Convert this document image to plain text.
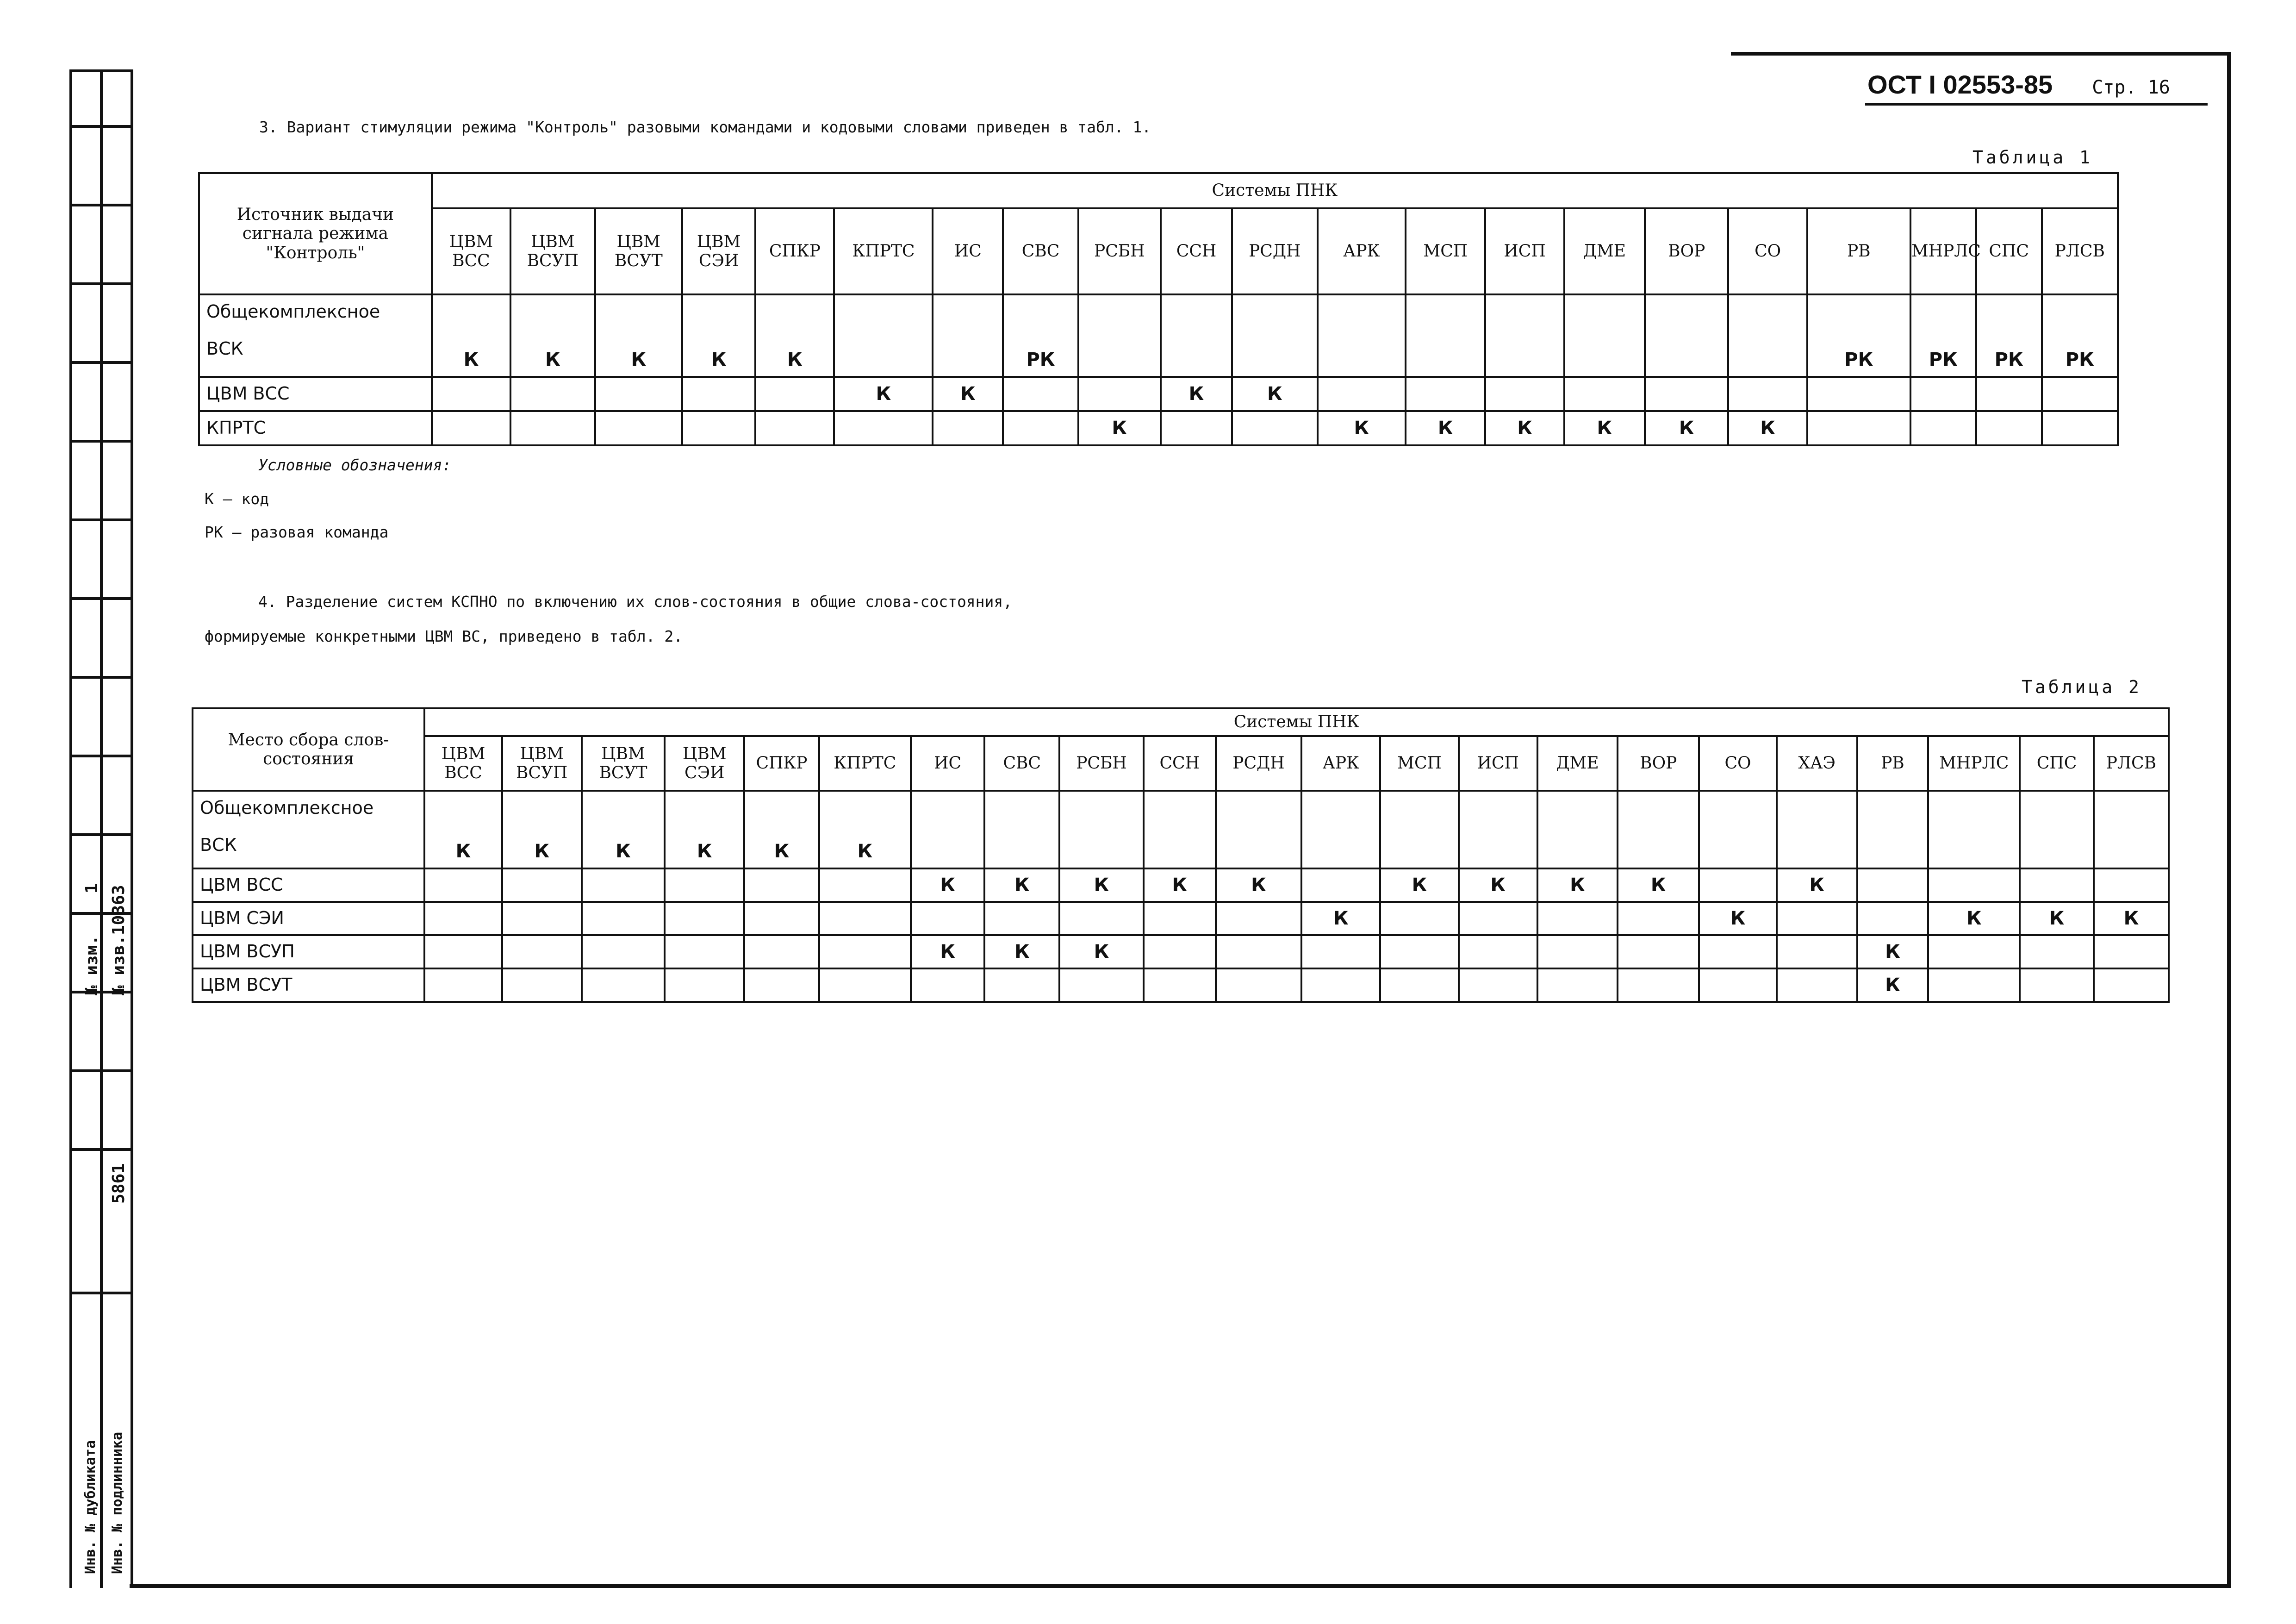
№ изм.
1
№ изв.
10363
5861
Инв. № дубликата Инв. № подлинника
ОСТ I 02553-85 Стр. 16
3. Вариант стимуляции режима "Контроль" разовыми командами и кодовыми словами приведен в табл. 1.
Таблица 1
Источник выдачи сигнала режима "Контроль"	Системы ПНК																				
	ЦВМ ВСС	ЦВМ ВСУП	ЦВМ ВСУТ	ЦВМ СЭИ	СПКР	КПРТС	ИС	СВС	РСБН	ССН	РСДН	АРК	МСП	ИСП	ДМЕ	ВОР	СО	РВ	МНРЛС	СПС	РЛСВ

Общекомплексное
ВСК	К	К	К	К	К			РК										РК	РК	РК	РК
ЦВМ ВСС						К	К			К	К										
КПРТС									К			К	К	К	К	К	К				
Условные обозначения:
К – код
РК – разовая команда
4. Разделение систем КСПНО по включению их слов-состояния в общие слова-состояния,
формируемые конкретными ЦВМ ВС, приведено в табл. 2.
Таблица 2
Место сбора слов-состояния	Системы ПНК																					
	ЦВМ ВСС	ЦВМ ВСУП	ЦВМ ВСУТ	ЦВМ СЭИ	СПКР	КПРТС	ИС	СВС	РСБН	ССН	РСДН	АРК	МСП	ИСП	ДМЕ	ВОР	СО	ХАЭ	РВ	МНРЛС	СПС	РЛСВ

Общекомплексное
ВСК	К	К	К	К	К	К																
ЦВМ ВСС							К	К	К	К	К		К	К	К	К		К				
ЦВМ СЭИ												К					К			К	К	К
ЦВМ ВСУП							К	К	К										К			
ЦВМ ВСУТ																			К			
